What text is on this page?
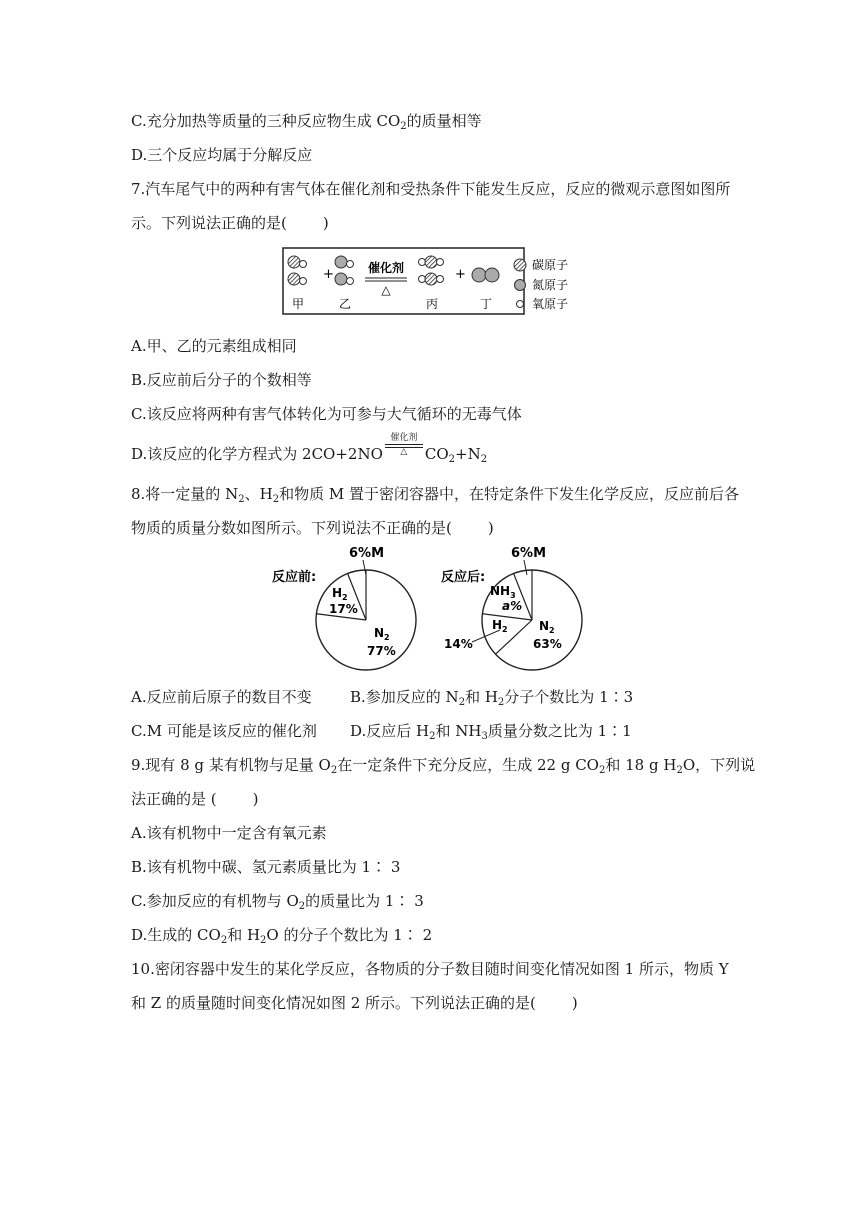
C.充分加热等质量的三种反应物生成 $CO_2$的质量相等
D.三个反应均属于分解反应
7.汽车尾气中的两种有害气体在催化剂和受热条件下能发生反应，反应的微观示意图如图所
示。下列说法正确的是( )
+	催化剂
△
+
甲	乙	丙	丁
碳原子
氮原子
氧原子
A.甲、乙的元素组成相同
B.反应前后分子的个数相等
C.该反应将两种有害气体转化为可参与大气循环的无毒气体
D.该反应的化学方程式为 2CO+2NO
催化剂
△	$CO_2+N_2$
8.将一定量的 $N_2$、$H_2$和物质 M 置于密闭容器中，在特定条件下发生化学反应，反应前后各
物质的质量分数如图所示。下列说法不正确的是( )
反应前:
6%M
$H_2$
17%
$N_2$
77%
反应后:
6%M
$NH_3$
a%
$H_2$
14%
$N_2$
63%
A.反应前后原子的数目不变	B.参加反应的 $N_2$和 $H_2$分子个数比为 1∶3
C.M 可能是该反应的催化剂 D.反应后 $H_2$和 $NH_3$质量分数之比为 1∶1
9.现有 8 g 某有机物与足量 $O_2$在一定条件下充分反应，生成 22 g $CO_2$和 18 g $H_2O$，下列说
法正确的是 ( )
A.该有机物中一定含有氧元素
B.该有机物中碳、氢元素质量比为 1∶ 3
C.参加反应的有机物与 $O_2$的质量比为 1∶ 3
D.生成的 $CO_2$和 $H_2O$ 的分子个数比为 1∶ 2
10.密闭容器中发生的某化学反应，各物质的分子数目随时间变化情况如图 1 所示，物质 Y
和 Z 的质量随时间变化情况如图 2 所示。下列说法正确的是( )
